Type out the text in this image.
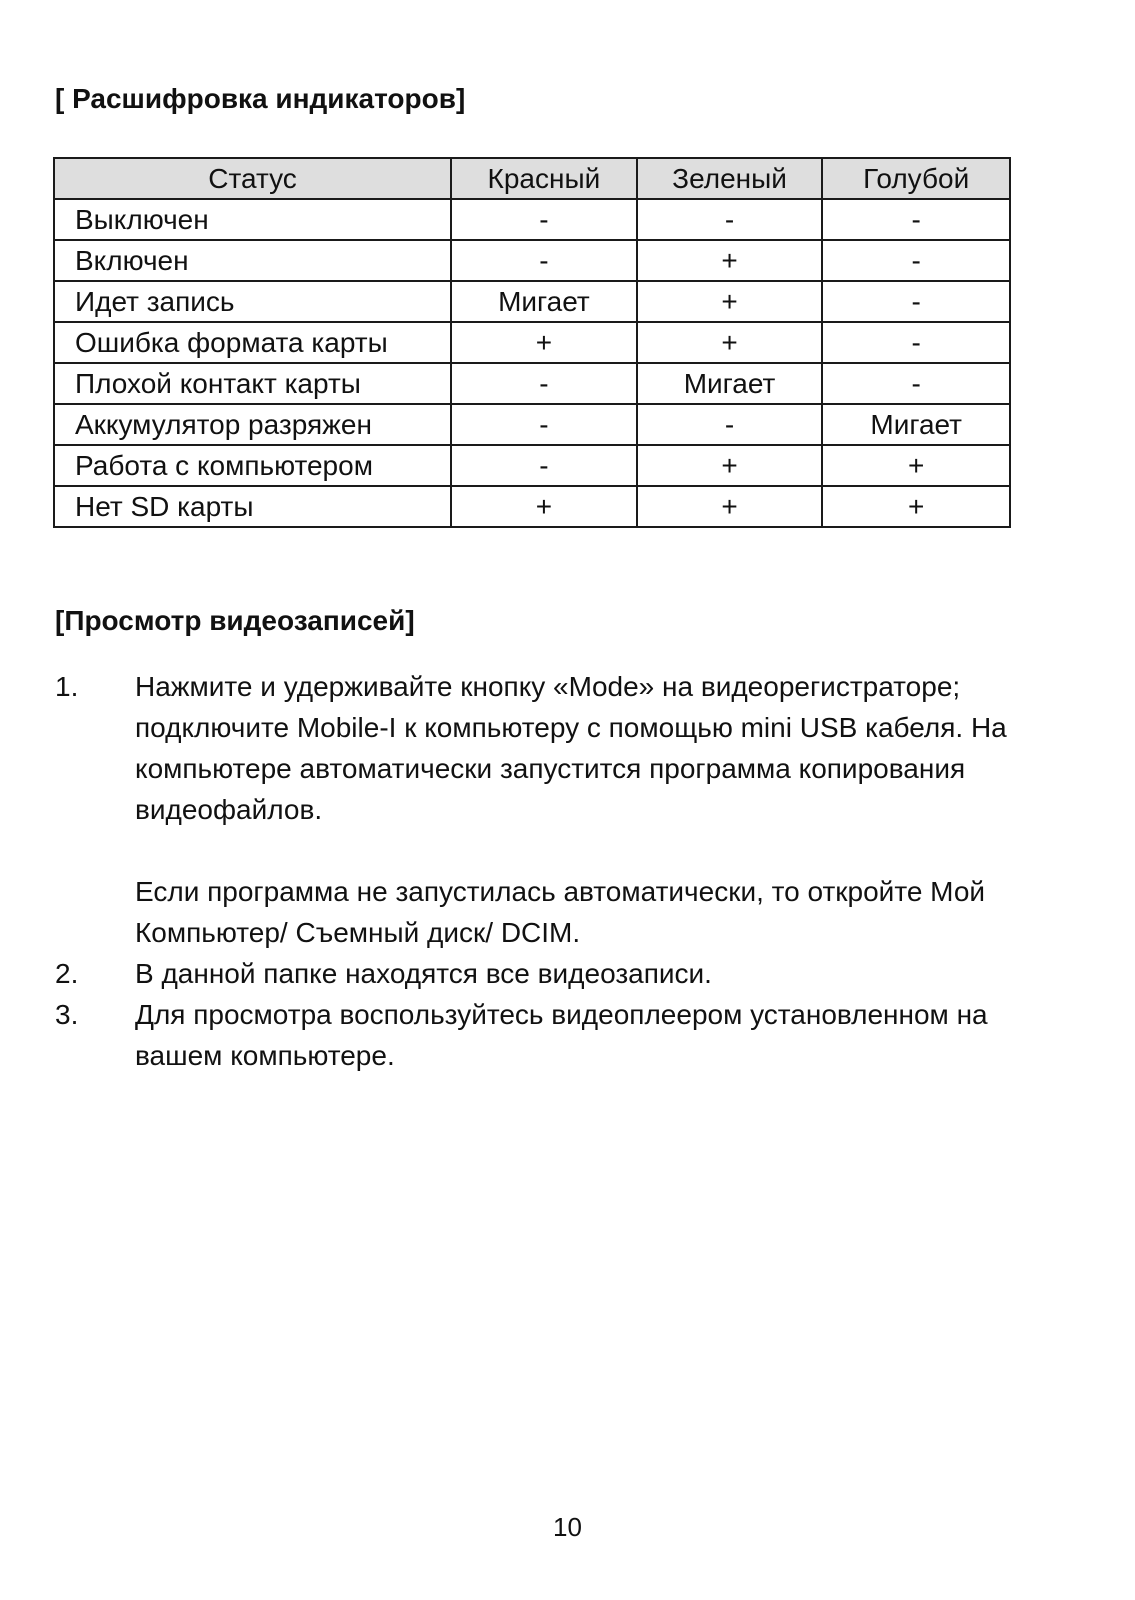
[ Расшифровка индикаторов]
Статус	Красный	Зеленый	Голубой
Выключен	-	-	-
Включен	-	+	-
Идет запись	Мигает	+	-
Ошибка формата карты	+	+	-
Плохой контакт карты	-	Мигает	-
Аккумулятор разряжен	-	-	Мигает
Работа с компьютером	-	+	+
Нет SD карты	+	+	+
[Просмотр видеозаписей]
1. Нажмите и удерживайте кнопку «Mode» на видеорегистраторе; подключите Mobile-I к компьютеру с помощью mini USB кабеля. На компьютере автоматически запустится программа копирования видеофайлов.

Если программа не запустилась автоматически, то откройте Мой Компьютер/ Съемный диск/ DCIM.

2. В данной папке находятся все видеозаписи.

3. Для просмотра воспользуйтесь видеоплеером установленном на вашем компьютере.

10
